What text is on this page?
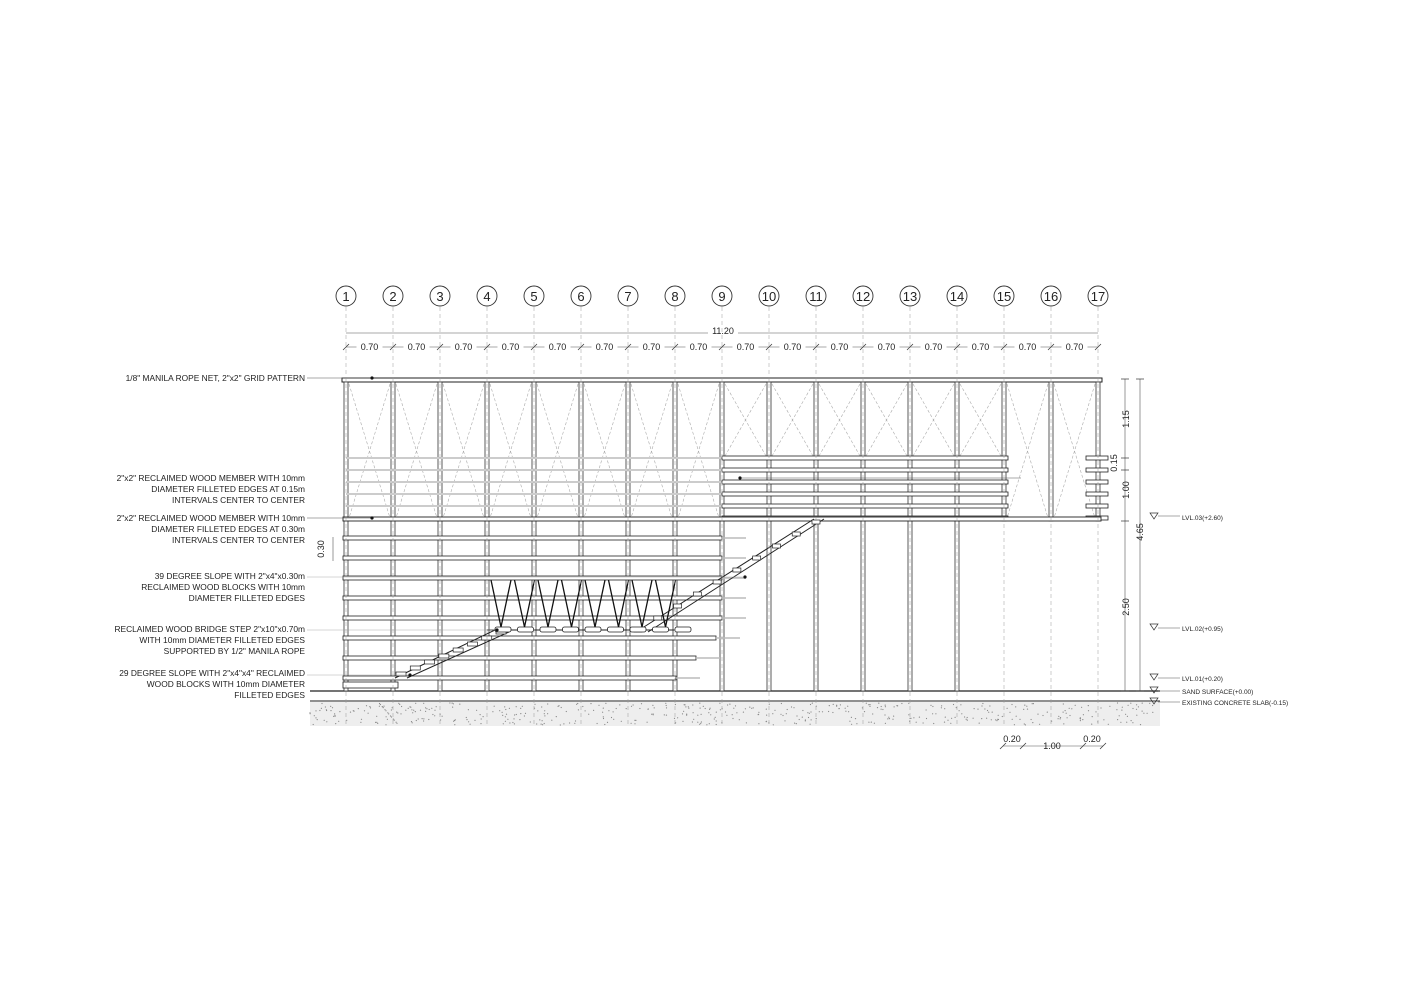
0.70	0.70	0.70	0.70	0.70	0.70	0.70	0.70	0.70	0.70	0.70	0.70	0.70	0.70	0.70	0.70
1	2	3	4	5	6	7	8	9	10	11	12	13	14	15	16	17
1/8" MANILA ROPE NET, 2"x2" GRID PATTERN
2"x2" RECLAIMED WOOD MEMBER WITH 10mm
DIAMETER FILLETED EDGES AT 0.15m
INTERVALS CENTER TO CENTER
2"x2" RECLAIMED WOOD MEMBER WITH 10mm
DIAMETER FILLETED EDGES AT 0.30m
INTERVALS CENTER TO CENTER
39 DEGREE SLOPE WITH 2"x4"x0.30m
RECLAIMED WOOD BLOCKS WITH 10mm
DIAMETER FILLETED EDGES
RECLAIMED WOOD BRIDGE STEP 2"x10"x0.70m
WITH 10mm DIAMETER FILLETED EDGES
SUPPORTED BY 1/2" MANILA ROPE
29 DEGREE SLOPE WITH 2"x4"x4" RECLAIMED
WOOD BLOCKS WITH 10mm DIAMETER
FILLETED EDGES
LVL.03(+2.60)
LVL.02(+0.95)
LVL.01(+0.20)
SAND SURFACE(+0.00)
EXISTING CONCRETE SLAB(-0.15)
1.15
0.15
1.00
4.65
2.50
0.30
0.20
1.00
0.20
11.20
